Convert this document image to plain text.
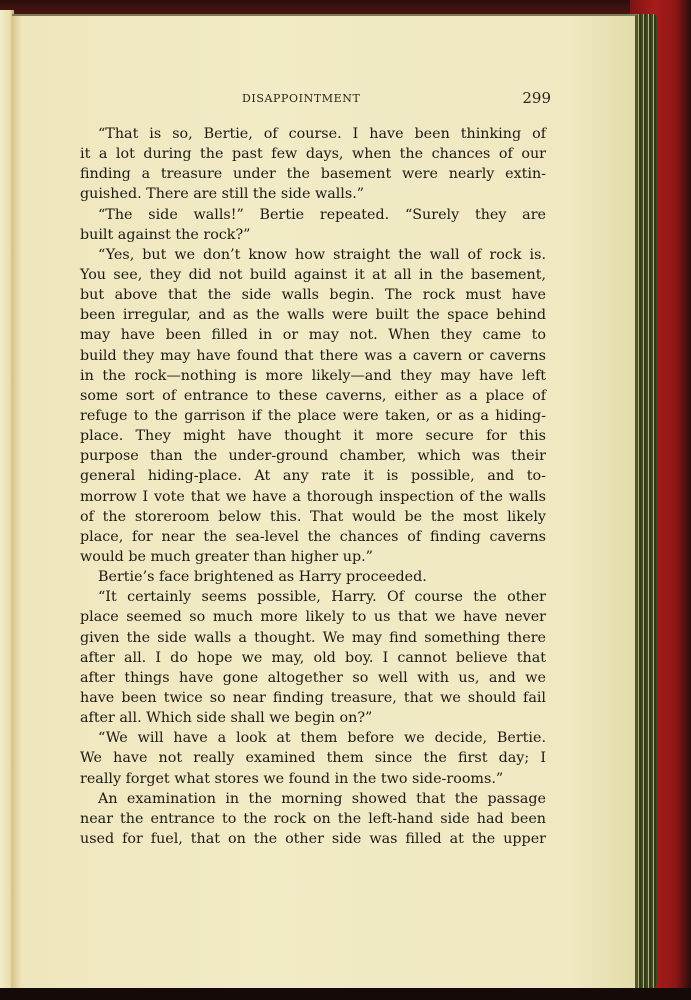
DISAPPOINTMENT	299
“That is so, Bertie, of course. I have been thinking of
it a lot during the past few days, when the chances of our
finding a treasure under the basement were nearly extin-
guished. There are still the side walls.”
“The side walls!” Bertie repeated. “Surely they are
built against the rock?”
“Yes, but we don’t know how straight the wall of rock is.
You see, they did not build against it at all in the basement,
but above that the side walls begin. The rock must have
been irregular, and as the walls were built the space behind
may have been filled in or may not. When they came to
build they may have found that there was a cavern or caverns
in the rock—nothing is more likely—and they may have left
some sort of entrance to these caverns, either as a place of
refuge to the garrison if the place were taken, or as a hiding-
place. They might have thought it more secure for this
purpose than the under-ground chamber, which was their
general hiding-place. At any rate it is possible, and to-
morrow I vote that we have a thorough inspection of the walls
of the storeroom below this. That would be the most likely
place, for near the sea-level the chances of finding caverns
would be much greater than higher up.”
Bertie’s face brightened as Harry proceeded.
“It certainly seems possible, Harry. Of course the other
place seemed so much more likely to us that we have never
given the side walls a thought. We may find something there
after all. I do hope we may, old boy. I cannot believe that
after things have gone altogether so well with us, and we
have been twice so near finding treasure, that we should fail
after all. Which side shall we begin on?”
“We will have a look at them before we decide, Bertie.
We have not really examined them since the first day; I
really forget what stores we found in the two side-rooms.”
An examination in the morning showed that the passage
near the entrance to the rock on the left-hand side had been
used for fuel, that on the other side was filled at the upper
